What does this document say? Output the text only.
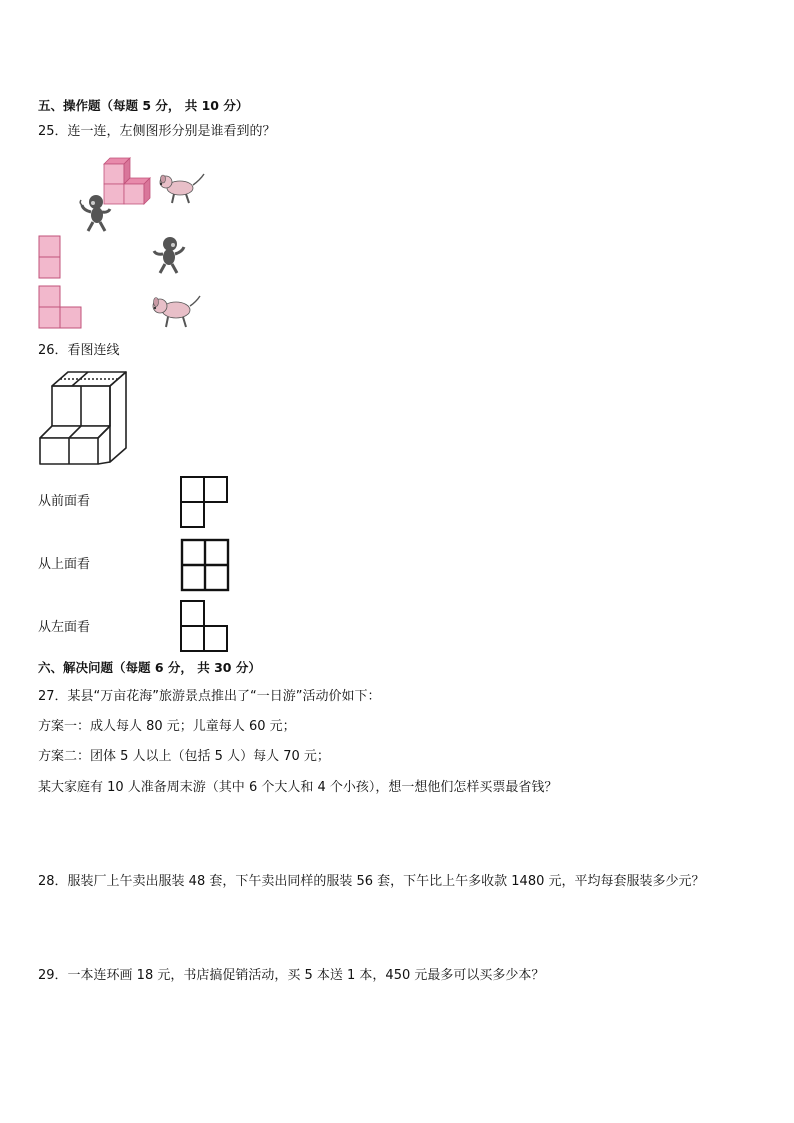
五、操作题（每题 5 分， 共 10 分）
25．连一连，左侧图形分别是谁看到的？
26．看图连线
从前面看
从上面看
从左面看
六、解决问题（每题 6 分， 共 30 分）
27．某县“万亩花海”旅游景点推出了“一日游”活动价如下：
方案一：成人每人 80 元；儿童每人 60 元；
方案二：团体 5 人以上（包括 5 人）每人 70 元；
某大家庭有 10 人准备周末游（其中 6 个大人和 4 个小孩），想一想他们怎样买票最省钱？
28．服装厂上午卖出服装 48 套，下午卖出同样的服装 56 套，下午比上午多收款 1480 元，平均每套服装多少元？
29．一本连环画 18 元，书店搞促销活动，买 5 本送 1 本，450 元最多可以买多少本？
